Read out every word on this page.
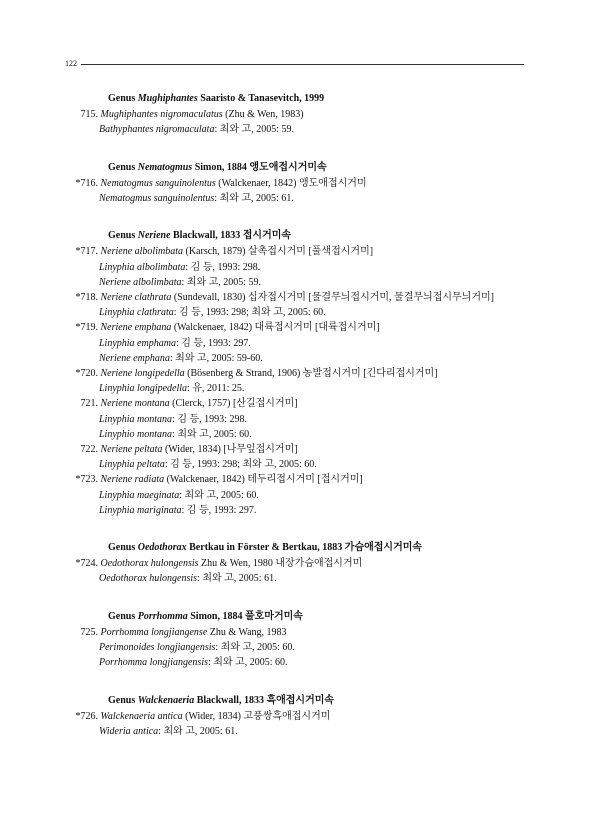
122
Genus Mughiphantes Saaristo & Tanasevitch, 1999
715. Mughiphantes nigromaculatus (Zhu & Wen, 1983)
Bathyphantes nigromaculata: 최와 고, 2005: 59.
Genus Nematogmus Simon, 1884 앵도애접시거미속
*716. Nematogmus sanguinolentus (Walckenaer, 1842) 앵도애접시거미
Nematogmus sanguinolentus: 최와 고, 2005: 61.
Genus Neriene Blackwall, 1833 접시거미속
*717. Neriene albolimbata (Karsch, 1879) 살촉접시거미 [풀색접시거미]
Linyphia albolimbata: 김 등, 1993: 298.
Neriene albolimbata: 최와 고, 2005: 59.
*718. Neriene clathrata (Sundevall, 1830) 십자접시거미 [물결무늬접시거미, 물결무늬접시무늬거미]
Linyphia clathrata: 김 등, 1993: 298; 최와 고, 2005: 60.
*719. Neriene emphana (Walckenaer, 1842) 대륙접시거미 [대륙접시거미]
Linyphia emphama: 김 등, 1993: 297.
Neriene emphana: 최와 고, 2005: 59-60.
*720. Neriene longipedella (Bösenberg & Strand, 1906) 농발접시거미 [긴다리접시거미]
Linyphia longipedella: 유, 2011: 25.
721. Neriene montana (Clerck, 1757) [산길접시거미]
Linyphia montana: 김 등, 1993: 298.
Linyphio montana: 최와 고, 2005: 60.
722. Neriene peltata (Wider, 1834) [나무잎접시거미]
Linyphia peltata: 김 등, 1993: 298; 최와 고, 2005: 60.
*723. Neriene radiata (Walckenaer, 1842) 테두리접시거미 [접시거미]
Linyphia maeginata: 최와 고, 2005: 60.
Linyphia mariginata: 김 등, 1993: 297.
Genus Oedothorax Bertkau in Förster & Bertkau, 1883 가슴애접시거미속
*724. Oedothorax hulongensis Zhu & Wen, 1980 내장가슴애접시거미
Oedothorax hulongensis: 최와 고, 2005: 61.
Genus Porrhomma Simon, 1884 풀호마거미속
725. Porrhomma longjiangense Zhu & Wang, 1983
Perimonoides longjiangensis: 최와 고, 2005: 60.
Porrhomma longjiangensis: 최와 고, 2005: 60.
Genus Walckenaeria Blackwall, 1833 흑애접시거미속
*726. Walckenaeria antica (Wider, 1834) 고풍쌍흑애접시거미
Wideria antica: 최와 고, 2005: 61.
